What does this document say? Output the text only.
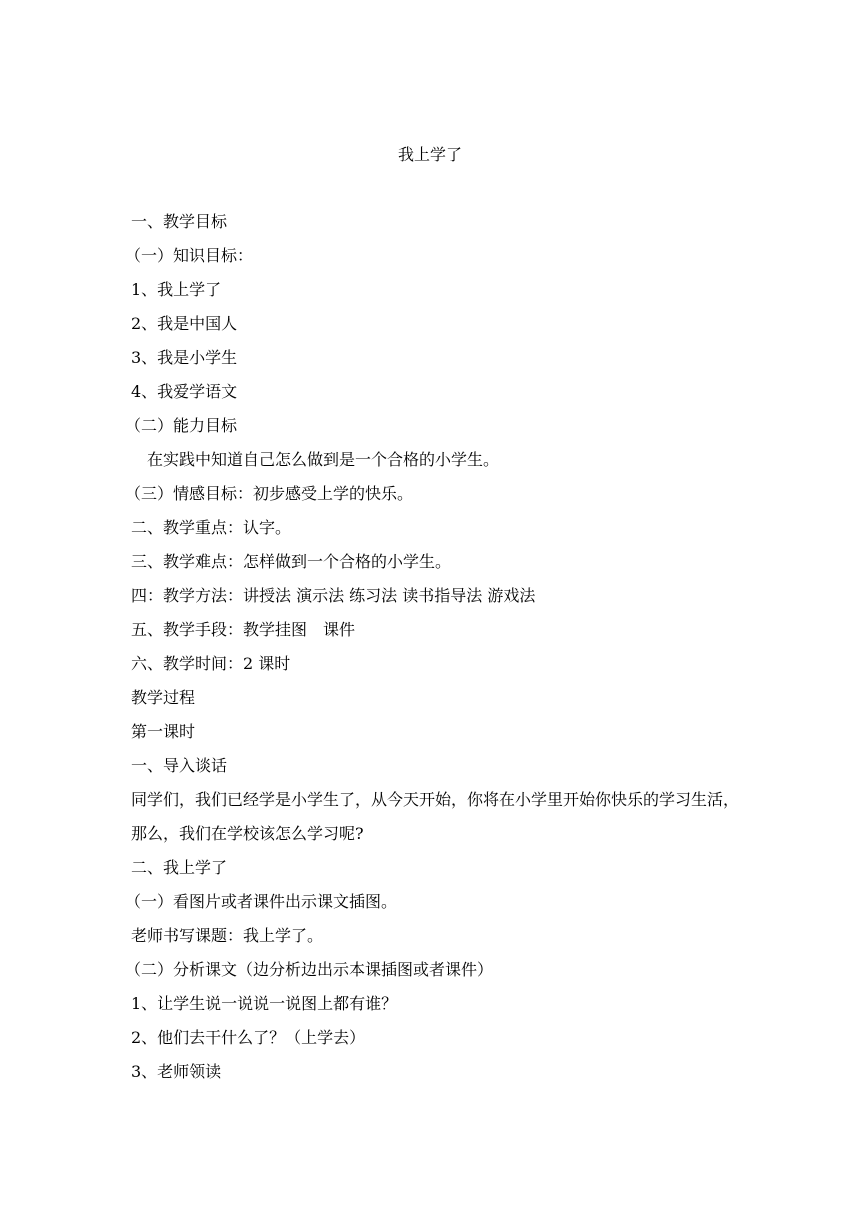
我上学了
一、教学目标
（一）知识目标：
1、我上学了
2、我是中国人
3、我是小学生
4、我爱学语文
（二）能力目标
在实践中知道自己怎么做到是一个合格的小学生。
（三）情感目标：初步感受上学的快乐。
二、教学重点：认字。
三、教学难点：怎样做到一个合格的小学生。
四：教学方法：讲授法 演示法 练习法 读书指导法 游戏法
五、教学手段：教学挂图　课件
六、教学时间：2 课时
教学过程
第一课时
一、导入谈话
同学们，我们已经学是小学生了，从今天开始，你将在小学里开始你快乐的学习生活，那么，我们在学校该怎么学习呢?
二、我上学了
（一）看图片或者课件出示课文插图。
老师书写课题：我上学了。
（二）分析课文（边分析边出示本课插图或者课件）
1、让学生说一说说一说图上都有谁？
2、他们去干什么了？（上学去）
3、老师领读
